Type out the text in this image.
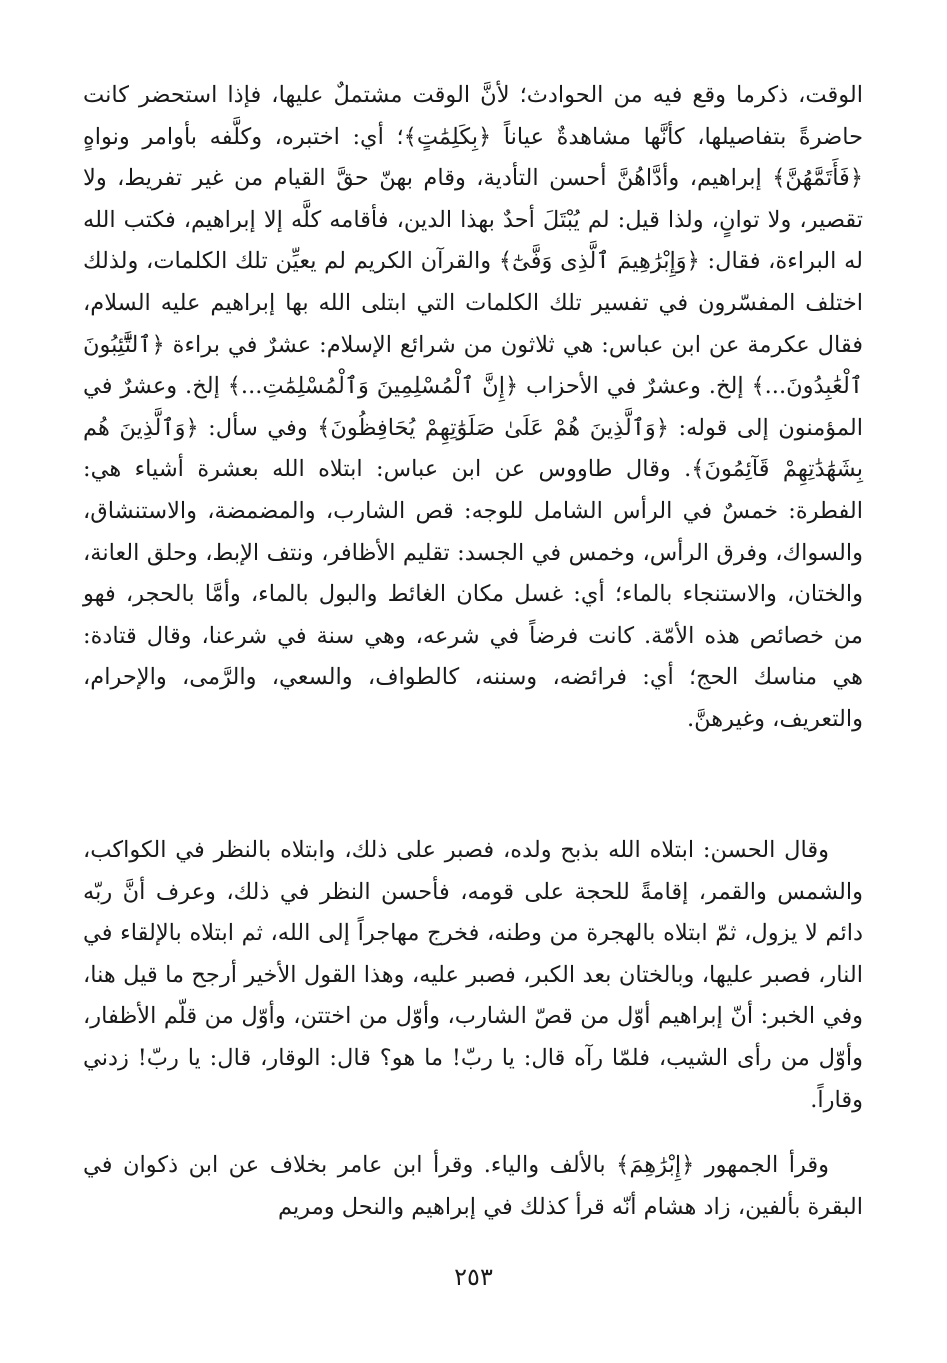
الوقت، ذكرما وقع فيه من الحوادث؛ لأنَّ الوقت مشتملٌ عليها، فإذا استحضر كانت حاضرةً بتفاصيلها، كأنَّها مشاهدةٌ عياناً ﴿بِكَلِمَٰتٍ﴾؛ أي: اختبره، وكلَّفه بأوامر ونواهٍ ﴿فَأَتَمَّهُنَّ﴾ إبراهيم، وأدَّاهُنَّ أحسن التأدية، وقام بهنّ حقَّ القيام من غير تفريط، ولا تقصير، ولا توانٍ، ولذا قيل: لم يُبْتَلَ أحدٌ بهذا الدين، فأقامه كلَّه إلا إبراهيم، فكتب الله له البراءة، فقال: ﴿وَإِبْرَٰهِيمَ ٱلَّذِى وَفَّىٰٓ﴾ والقرآن الكريم لم يعيِّن تلك الكلمات، ولذلك اختلف المفسّرون في تفسير تلك الكلمات التي ابتلى الله بها إبراهيم عليه السلام، فقال عكرمة عن ابن عباس: هي ثلاثون من شرائع الإسلام: عشرٌ في براءة ﴿ٱلتَّٰٓئِبُونَ ٱلْعَٰبِدُونَ...﴾ إلخ. وعشرٌ في الأحزاب ﴿إِنَّ ٱلْمُسْلِمِينَ وَٱلْمُسْلِمَٰتِ...﴾ إلخ. وعشرٌ في المؤمنون إلى قوله: ﴿وَٱلَّذِينَ هُمْ عَلَىٰ صَلَوَٰتِهِمْ يُحَافِظُونَ﴾ وفي سأل: ﴿وَٱلَّذِينَ هُم بِشَهَٰدَٰتِهِمْ قَآئِمُونَ﴾. وقال طاووس عن ابن عباس: ابتلاه الله بعشرة أشياء هي: الفطرة: خمسٌ في الرأس الشامل للوجه: قص الشارب، والمضمضة، والاستنشاق، والسواك، وفرق الرأس، وخمس في الجسد: تقليم الأظافر، ونتف الإبط، وحلق العانة، والختان، والاستنجاء بالماء؛ أي: غسل مكان الغائط والبول بالماء، وأمَّا بالحجر، فهو من خصائص هذه الأمّة. كانت فرضاً في شرعه، وهي سنة في شرعنا، وقال قتادة: هي مناسك الحج؛ أي: فرائضه، وسننه، كالطواف، والسعي، والرَّمى، والإحرام، والتعريف، وغيرهنَّ.

وقال الحسن: ابتلاه الله بذبح ولده، فصبر على ذلك، وابتلاه بالنظر في الكواكب، والشمس والقمر، إقامةً للحجة على قومه، فأحسن النظر في ذلك، وعرف أنَّ ربّه دائم لا يزول، ثمّ ابتلاه بالهجرة من وطنه، فخرج مهاجراً إلى الله، ثم ابتلاه بالإلقاء في النار، فصبر عليها، وبالختان بعد الكبر، فصبر عليه، وهذا القول الأخير أرجح ما قيل هنا، وفي الخبر: أنّ إبراهيم أوّل من قصّ الشارب، وأوّل من اختتن، وأوّل من قلّم الأظفار، وأوّل من رأى الشيب، فلمّا رآه قال: يا ربّ! ما هو؟ قال: الوقار، قال: يا ربّ! زدني وقاراً.

وقرأ الجمهور ﴿إِبْرَٰهِمَ﴾ بالألف والياء. وقرأ ابن عامر بخلاف عن ابن ذكوان في البقرة بألفين، زاد هشام أنّه قرأ كذلك في إبراهيم والنحل ومريم

٢٥٣
